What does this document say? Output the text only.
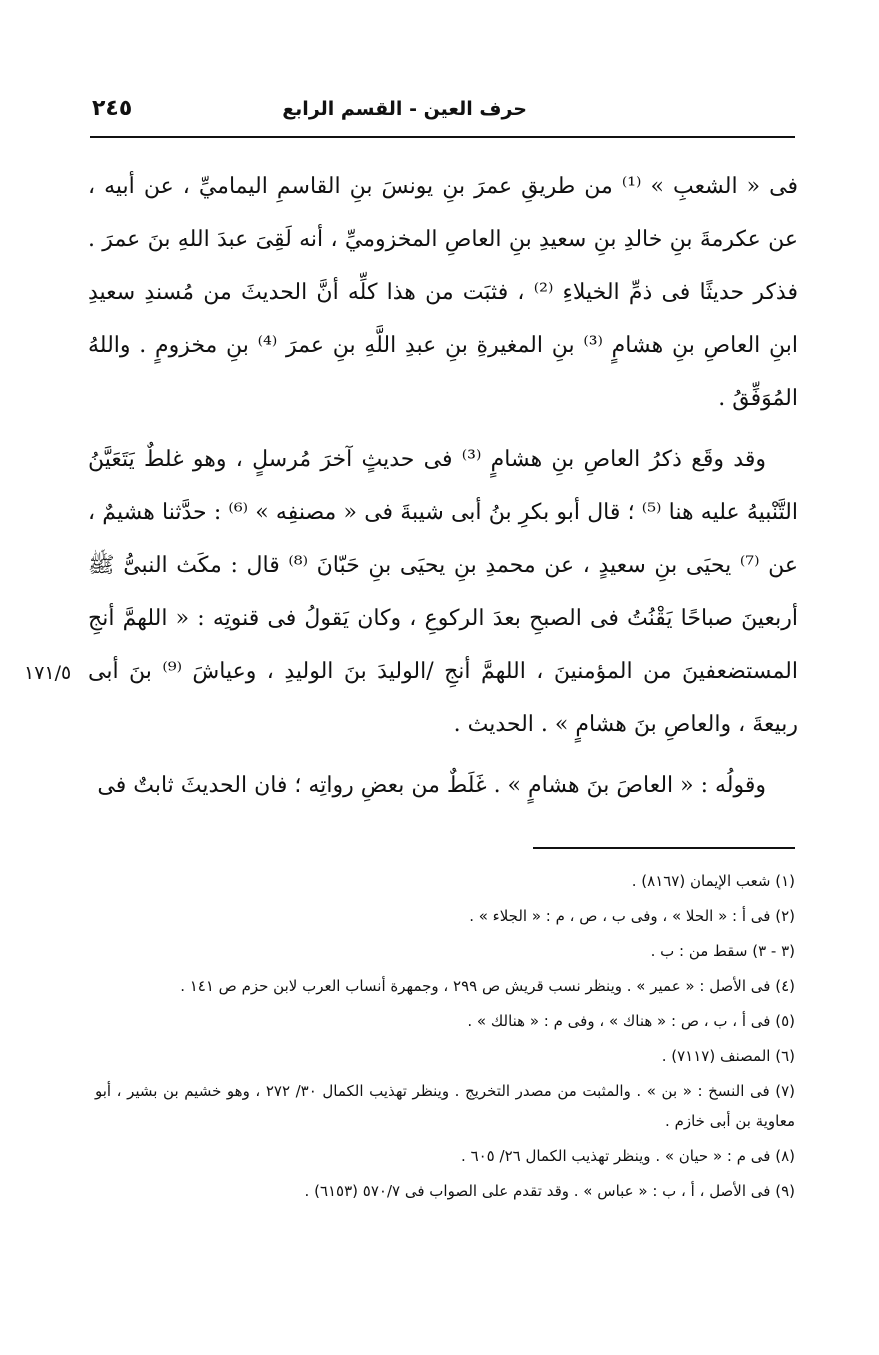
٢٤٥	حرف العين - القسم الرابع

فى « الشعبِ » ⁽¹⁾ من طريقِ عمرَ بنِ يونسَ بنِ القاسمِ اليماميِّ ، عن أبيه ، عن عكرمةَ بنِ خالدِ بنِ سعيدِ بنِ العاصِ المخزوميِّ ، أنه لَقِىَ عبدَ اللهِ بنَ عمرَ . فذكر حديثًا فى ذمِّ الخيلاءِ ⁽²⁾ ، فثبَت من هذا كلِّه أنَّ الحديثَ من مُسندِ سعيدِ ابنِ العاصِ بنِ هشامٍ ⁽³⁾ بنِ المغيرةِ بنِ عبدِ اللَّهِ بنِ عمرَ ⁽⁴⁾ بنِ مخزومٍ . واللهُ المُوَفِّقُ .

وقد وقَع ذكرُ العاصِ بنِ هشامٍ ⁽³⁾ فى حديثٍ آخرَ مُرسلٍ ، وهو غلطٌ يَتَعَيَّنُ التَّنْبيهُ عليه هنا ⁽⁵⁾ ؛ قال أبو بكرِ بنُ أبى شيبةَ فى « مصنفِه » ⁽⁶⁾ : حدَّثنا هشيمٌ ، عن ⁽⁷⁾ يحيَى بنِ سعيدٍ ، عن محمدِ بنِ يحيَى بنِ حَبّانَ ⁽⁸⁾ قال : مكَث النبىُّ ﷺ أربعينَ صباحًا يَقْنُتُ فى الصبحِ بعدَ الركوعِ ، وكان يَقولُ فى قنوتِه : « اللهمَّ أنجِ المستضعفينَ من المؤمنينَ ، اللهمَّ أنجِ /الوليدَ بنَ الوليدِ ، وعياشَ ⁽⁹⁾ بنَ أبى ربيعةَ ، والعاصِ بنَ هشامٍ » . الحديث .

وقولُه : « العاصَ بنَ هشامٍ » . غَلَطٌ من بعضِ رواتِه ؛ فان الحديثَ ثابتٌ فى

١٧١/٥
(١) شعب الإيمان (٨١٦٧) .
(٢) فى أ : « الحلا » ، وفى ب ، ص ، م : « الجلاء » .
(٣ - ٣) سقط من : ب .
(٤) فى الأصل : « عمير » . وينظر نسب قريش ص ٢٩٩ ، وجمهرة أنساب العرب لابن حزم ص ١٤١ .
(٥) فى أ ، ب ، ص : « هناك » ، وفى م : « هنالك » .
(٦) المصنف (٧١١٧) .
(٧) فى النسخ : « بن » . والمثبت من مصدر التخريج . وينظر تهذيب الكمال ٣٠/ ٢٧٢ ، وهو خشيم بن بشير ، أبو معاوية بن أبى خازم .
(٨) فى م : « حيان » . وينظر تهذيب الكمال ٢٦/ ٦٠٥ .
(٩) فى الأصل ، أ ، ب : « عباس » . وقد تقدم على الصواب فى ٥٧٠/٧ (٦١٥٣) .
